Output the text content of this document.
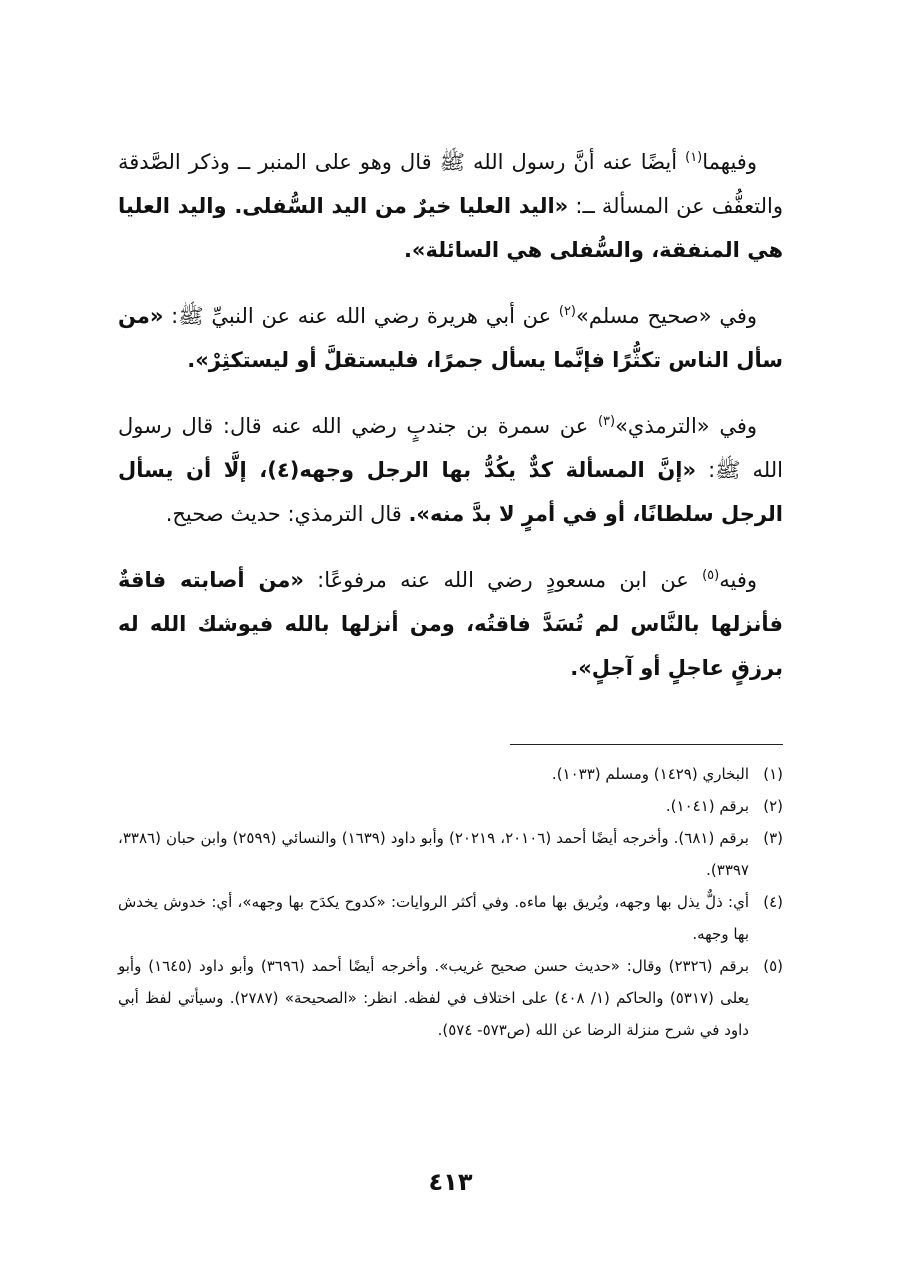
وفيهما$^{(١)}$ أيضًا عنه أنَّ رسول الله ﷺ قال وهو على المنبر ــ وذكر الصَّدقة والتعفُّف عن المسألة ــ: «اليد العليا خيرٌ من اليد السُّفلى. واليد العليا هي المنفقة، والسُّفلى هي السائلة».

وفي «صحيح مسلم»$^{(٢)}$ عن أبي هريرة رضي الله عنه عن النبيِّ ﷺ: «من سأل الناس تكثُّرًا فإنَّما يسأل جمرًا، فليستقلَّ أو ليستكثِرْ».

وفي «الترمذي»$^{(٣)}$ عن سمرة بن جندبٍ رضي الله عنه قال: قال رسول الله ﷺ: «إنَّ المسألة كدٌّ يكُدُّ بها الرجل وجهه(٤)، إلَّا أن يسأل الرجل سلطانًا، أو في أمرٍ لا بدَّ منه». قال الترمذي: حديث صحيح.

وفيه$^{(٥)}$ عن ابن مسعودٍ رضي الله عنه مرفوعًا: «من أصابته فاقةٌ فأنزلها بالنَّاس لم تُسَدَّ فاقتُه، ومن أنزلها بالله فيوشك الله له برزقٍ عاجلٍ أو آجلٍ».

(١)
البخاري (١٤٢٩) ومسلم (١٠٣٣).
(٢)
برقم (١٠٤١).
(٣)
برقم (٦٨١). وأخرجه أيضًا أحمد (٢٠١٠٦، ٢٠٢١٩) وأبو داود (١٦٣٩) والنسائي (٢٥٩٩) وابن حبان (٣٣٨٦، ٣٣٩٧).
(٤)
أي: ذلٌّ يذل بها وجهه، ويُريق بها ماءه. وفي أكثر الروايات: «كدوح يكدَح بها وجهه»، أي: خدوش يخدش بها وجهه.
(٥)
برقم (٢٣٢٦) وقال: «حديث حسن صحيح غريب». وأخرجه أيضًا أحمد (٣٦٩٦) وأبو داود (١٦٤٥) وأبو يعلى (٥٣١٧) والحاكم (١/ ٤٠٨) على اختلاف في لفظه. انظر: «الصحيحة» (٢٧٨٧). وسيأتي لفظ أبي داود في شرح منزلة الرضا عن الله (ص٥٧٣- ٥٧٤).
٤١٣
